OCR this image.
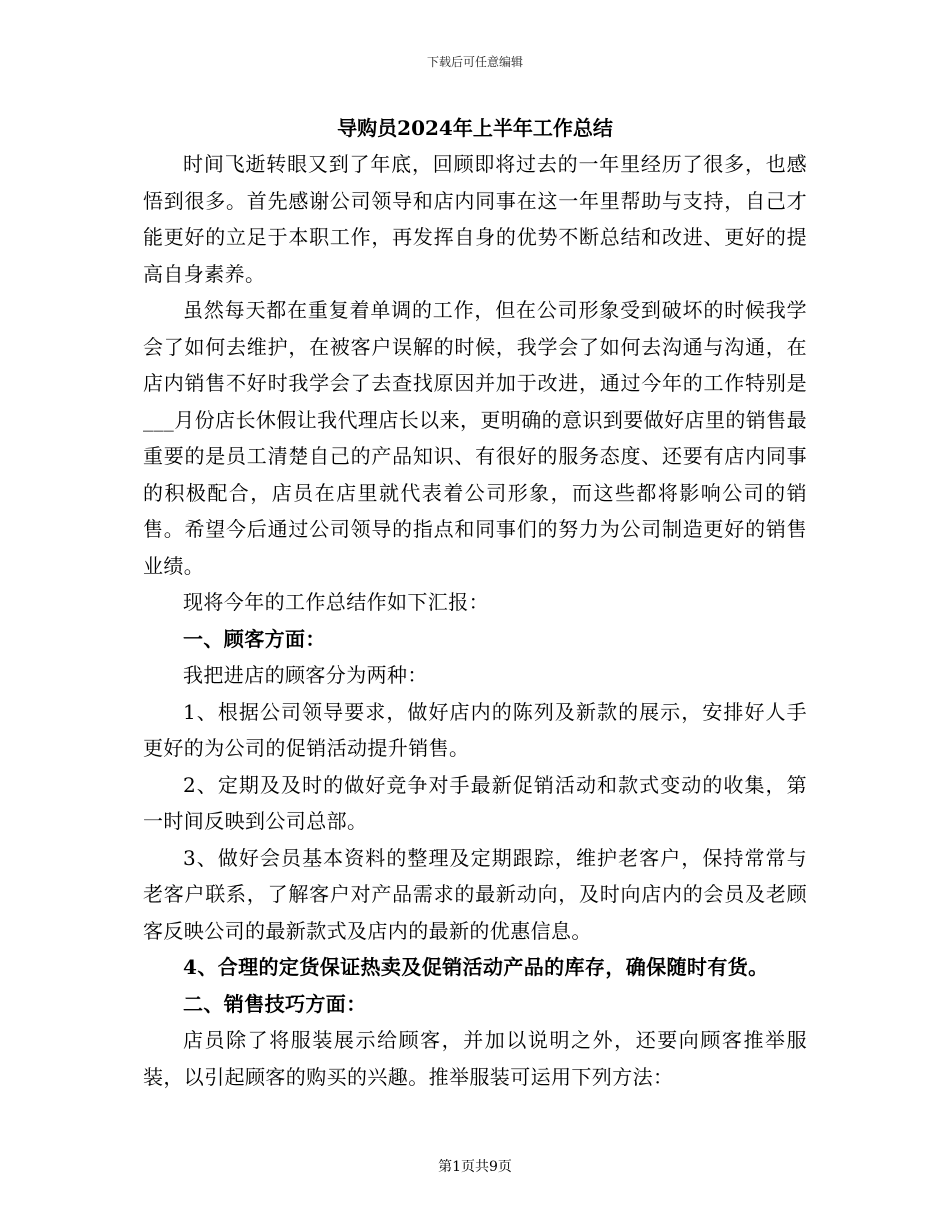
下载后可任意编辑
导购员2024年上半年工作总结

时间飞逝转眼又到了年底，回顾即将过去的一年里经历了很多，也感悟到很多。首先感谢公司领导和店内同事在这一年里帮助与支持，自己才能更好的立足于本职工作，再发挥自身的优势不断总结和改进、更好的提高自身素养。

虽然每天都在重复着单调的工作，但在公司形象受到破坏的时候我学会了如何去维护，在被客户误解的时候，我学会了如何去沟通与沟通，在店内销售不好时我学会了去查找原因并加于改进，通过今年的工作特别是___月份店长休假让我代理店长以来，更明确的意识到要做好店里的销售最重要的是员工清楚自己的产品知识、有很好的服务态度、还要有店内同事的积极配合，店员在店里就代表着公司形象，而这些都将影响公司的销售。希望今后通过公司领导的指点和同事们的努力为公司制造更好的销售业绩。

现将今年的工作总结作如下汇报：

一、顾客方面：

我把进店的顾客分为两种：

1、根据公司领导要求，做好店内的陈列及新款的展示，安排好人手更好的为公司的促销活动提升销售。

2、定期及及时的做好竞争对手最新促销活动和款式变动的收集，第一时间反映到公司总部。

3、做好会员基本资料的整理及定期跟踪，维护老客户，保持常常与老客户联系，了解客户对产品需求的最新动向，及时向店内的会员及老顾客反映公司的最新款式及店内的最新的优惠信息。

4、合理的定货保证热卖及促销活动产品的库存，确保随时有货。

二、销售技巧方面：

店员除了将服装展示给顾客，并加以说明之外，还要向顾客推举服装，以引起顾客的购买的兴趣。推举服装可运用下列方法：

第1页共9页
